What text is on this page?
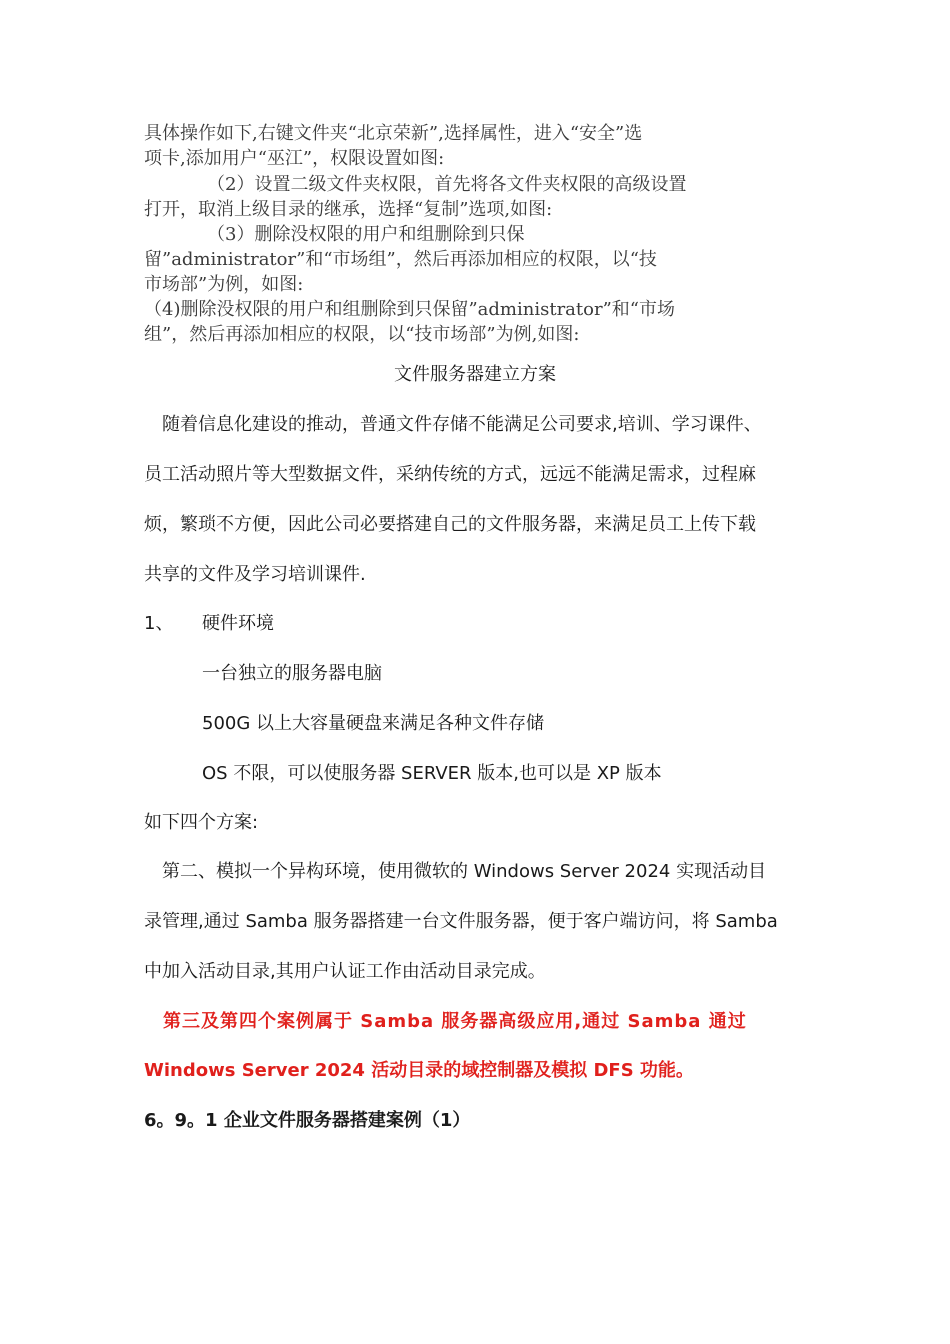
具体操作如下,右键文件夹“北京荣新”,选择属性，进入“安全”选
项卡,添加用户“巫江”，权限设置如图:
　　　　（2）设置二级文件夹权限，首先将各文件夹权限的高级设置
打开，取消上级目录的继承，选择“复制”选项,如图:
　　　　（3）删除没权限的用户和组删除到只保
留”administrator”和“市场组”，然后再添加相应的权限，以“技
市场部”为例，如图:
（4)删除没权限的用户和组删除到只保留”administrator”和“市场
组”，然后再添加相应的权限，以“技市场部”为例,如图:
文件服务器建立方案
　随着信息化建设的推动，普通文件存储不能满足公司要求,培训、学习课件、
员工活动照片等大型数据文件，采纳传统的方式，远远不能满足需求，过程麻
烦，繁琐不方便，因此公司必要搭建自己的文件服务器，来满足员工上传下载
共享的文件及学习培训课件.
1、	硬件环境
一台独立的服务器电脑
500G 以上大容量硬盘来满足各种文件存储
OS 不限，可以使服务器 SERVER 版本,也可以是 XP 版本
如下四个方案:
　第二、模拟一个异构环境，使用微软的 Windows Server 2024 实现活动目
录管理,通过 Samba 服务器搭建一台文件服务器，便于客户端访问，将 Samba
中加入活动目录,其用户认证工作由活动目录完成。
　第三及第四个案例属于 Samba 服务器高级应用,通过 Samba 通过
Windows Server 2024 活动目录的域控制器及模拟 DFS 功能。
6。9。1 企业文件服务器搭建案例（1）
